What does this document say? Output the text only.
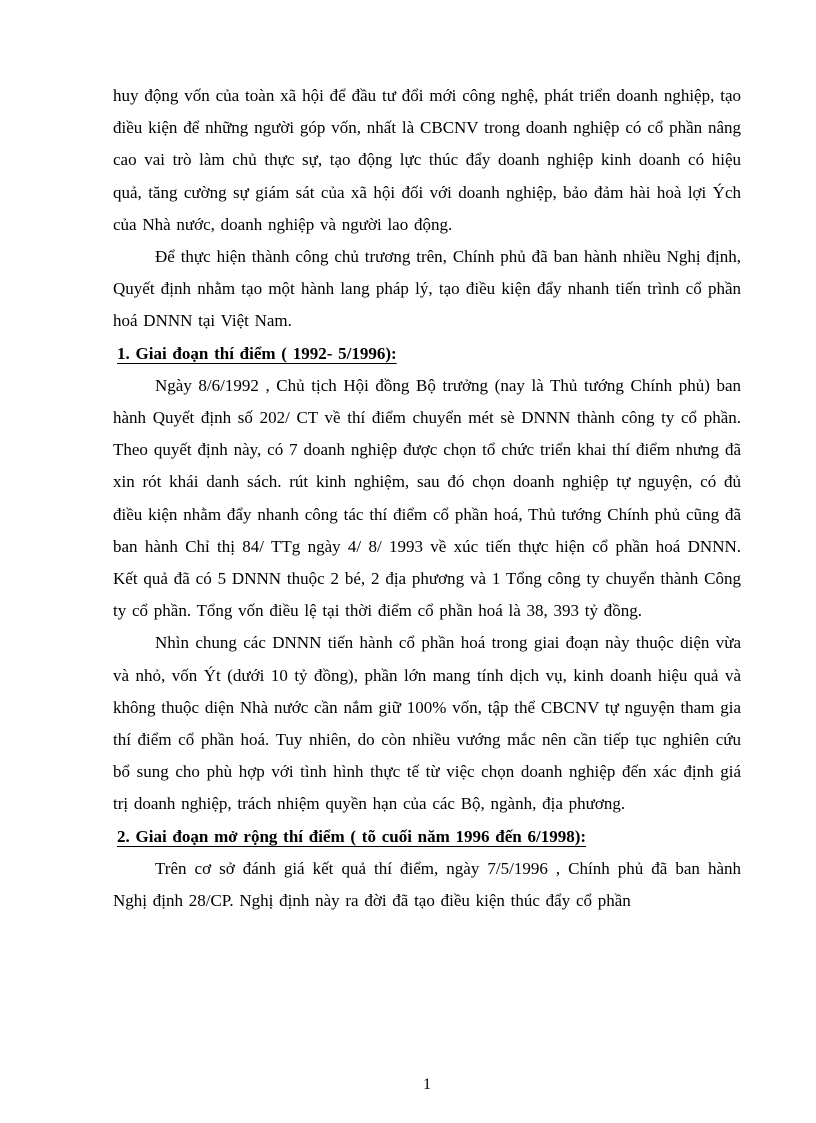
huy động vốn của toàn xã hội để đầu tư đổi mới công nghệ, phát triển doanh nghiệp, tạo điều kiện để những người góp vốn, nhất là CBCNV trong doanh nghiệp có cổ phần nâng cao vai trò làm chủ thực sự, tạo động lực thúc đẩy doanh nghiệp kinh doanh có hiệu quả, tăng cường sự giám sát của xã hội đối với doanh nghiệp, bảo đảm hài hoà lợi Ých của Nhà nước, doanh nghiệp và người lao động.

Để thực hiện thành công chủ trương trên, Chính phủ đã ban hành nhiều Nghị định, Quyết định nhằm tạo một hành lang pháp lý, tạo điều kiện đẩy nhanh tiến trình cổ phần hoá DNNN tại Việt Nam.

1. Giai đoạn thí điểm ( 1992- 5/1996):

Ngày 8/6/1992 , Chủ tịch Hội đồng Bộ trưởng (nay là Thủ tướng Chính phủ) ban hành Quyết định số 202/ CT về thí điểm chuyển mét sè DNNN thành công ty cổ phần. Theo quyết định này, có 7 doanh nghiệp được chọn tổ chức triển khai thí điểm nhưng đã xin rót khái danh sách. rút kinh nghiệm, sau đó chọn doanh nghiệp tự nguyện, có đủ điều kiện nhằm đẩy nhanh công tác thí điểm cổ phần hoá, Thủ tướng Chính phủ cũng đã ban hành Chỉ thị 84/ TTg ngày 4/ 8/ 1993 về xúc tiến thực hiện cổ phần hoá DNNN. Kết quả đã có 5 DNNN thuộc 2 bé, 2 địa phương và 1 Tổng công ty chuyển thành Công ty cổ phần. Tổng vốn điều lệ tại thời điểm cổ phần hoá là 38, 393 tỷ đồng.

Nhìn chung các DNNN tiến hành cổ phần hoá trong giai đoạn này thuộc diện vừa và nhỏ, vốn Ýt (dưới 10 tỷ đồng), phần lớn mang tính dịch vụ, kinh doanh hiệu quả và không thuộc diện Nhà nước cần nắm giữ 100% vốn, tập thể CBCNV tự nguyện tham gia thí điểm cổ phần hoá. Tuy nhiên, do còn nhiều vướng mắc nên cần tiếp tục nghiên cứu bổ sung cho phù hợp với tình hình thực tế từ việc chọn doanh nghiệp đến xác định giá trị doanh nghiệp, trách nhiệm quyền hạn của các Bộ, ngành, địa phương.

2. Giai đoạn mở rộng thí điểm ( tõ cuối năm 1996 đến 6/1998):

Trên cơ sở đánh giá kết quả thí điểm, ngày 7/5/1996 , Chính phủ đã ban hành Nghị định 28/CP. Nghị định này ra đời đã tạo điều kiện thúc đẩy cổ phần

1
